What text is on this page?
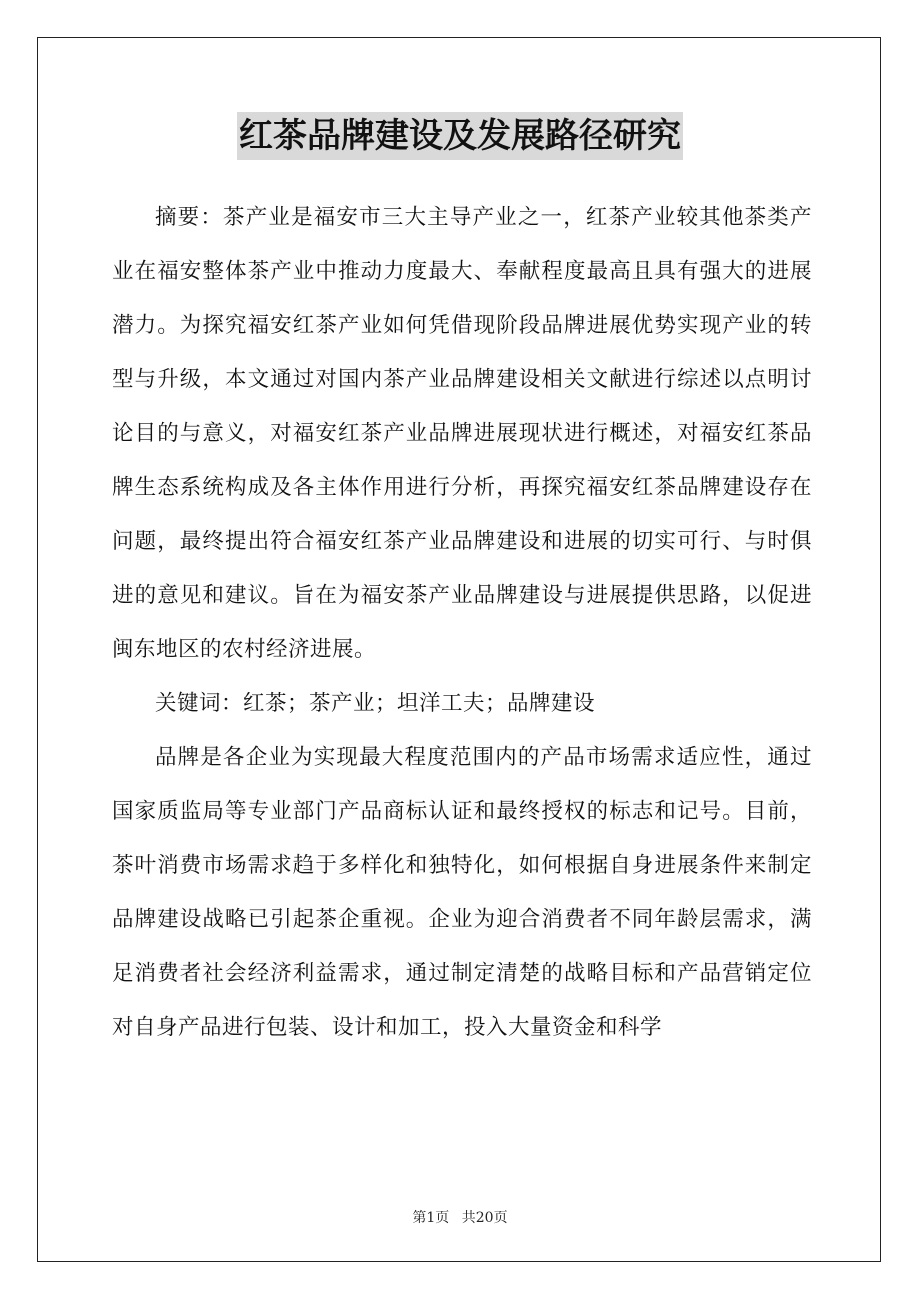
红茶品牌建设及发展路径研究

摘要：茶产业是福安市三大主导产业之一，红茶产业较其他茶类产业在福安整体茶产业中推动力度最大、奉献程度最高且具有强大的进展潜力。为探究福安红茶产业如何凭借现阶段品牌进展优势实现产业的转型与升级，本文通过对国内茶产业品牌建设相关文献进行综述以点明讨论目的与意义，对福安红茶产业品牌进展现状进行概述，对福安红茶品牌生态系统构成及各主体作用进行分析，再探究福安红茶品牌建设存在问题，最终提出符合福安红茶产业品牌建设和进展的切实可行、与时俱进的意见和建议。旨在为福安茶产业品牌建设与进展提供思路，以促进闽东地区的农村经济进展。

关键词：红茶；茶产业；坦洋工夫；品牌建设

品牌是各企业为实现最大程度范围内的产品市场需求适应性，通过国家质监局等专业部门产品商标认证和最终授权的标志和记号。目前，茶叶消费市场需求趋于多样化和独特化，如何根据自身进展条件来制定品牌建设战略已引起茶企重视。企业为迎合消费者不同年龄层需求，满足消费者社会经济利益需求，通过制定清楚的战略目标和产品营销定位对自身产品进行包装、设计和加工，投入大量资金和科学

第1页 共20页
